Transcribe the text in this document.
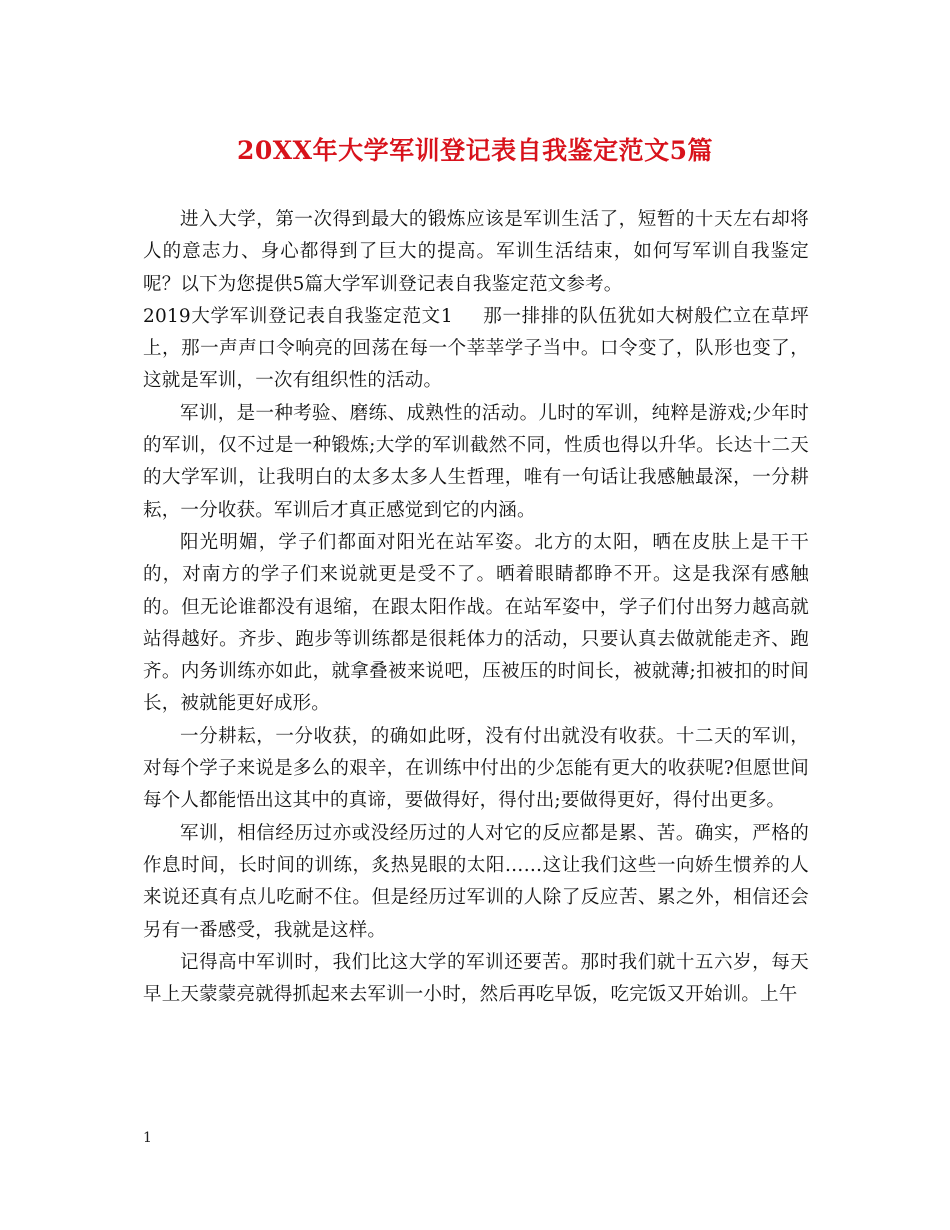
20XX年大学军训登记表自我鉴定范文5篇

进入大学，第一次得到最大的锻炼应该是军训生活了，短暂的十天左右却将人的意志力、身心都得到了巨大的提高。军训生活结束，如何写军训自我鉴定呢？以下为您提供5篇大学军训登记表自我鉴定范文参考。

2019大学军训登记表自我鉴定范文1 那一排排的队伍犹如大树般伫立在草坪上，那一声声口令响亮的回荡在每一个莘莘学子当中。口令变了，队形也变了，这就是军训，一次有组织性的活动。

军训，是一种考验、磨练、成熟性的活动。儿时的军训，纯粹是游戏;少年时的军训，仅不过是一种锻炼;大学的军训截然不同，性质也得以升华。长达十二天的大学军训，让我明白的太多太多人生哲理，唯有一句话让我感触最深，一分耕耘，一分收获。军训后才真正感觉到它的内涵。

阳光明媚，学子们都面对阳光在站军姿。北方的太阳，晒在皮肤上是干干的，对南方的学子们来说就更是受不了。晒着眼睛都睁不开。这是我深有感触的。但无论谁都没有退缩，在跟太阳作战。在站军姿中，学子们付出努力越高就站得越好。齐步、跑步等训练都是很耗体力的活动，只要认真去做就能走齐、跑齐。内务训练亦如此，就拿叠被来说吧，压被压的时间长，被就薄;扣被扣的时间长，被就能更好成形。

一分耕耘，一分收获，的确如此呀，没有付出就没有收获。十二天的军训，对每个学子来说是多么的艰辛，在训练中付出的少怎能有更大的收获呢?但愿世间每个人都能悟出这其中的真谛，要做得好，得付出;要做得更好，得付出更多。

军训，相信经历过亦或没经历过的人对它的反应都是累、苦。确实，严格的作息时间，长时间的训练，炙热晃眼的太阳……这让我们这些一向娇生惯养的人来说还真有点儿吃耐不住。但是经历过军训的人除了反应苦、累之外，相信还会另有一番感受，我就是这样。

记得高中军训时，我们比这大学的军训还要苦。那时我们就十五六岁，每天早上天蒙蒙亮就得抓起来去军训一小时，然后再吃早饭，吃完饭又开始训。上午

1
